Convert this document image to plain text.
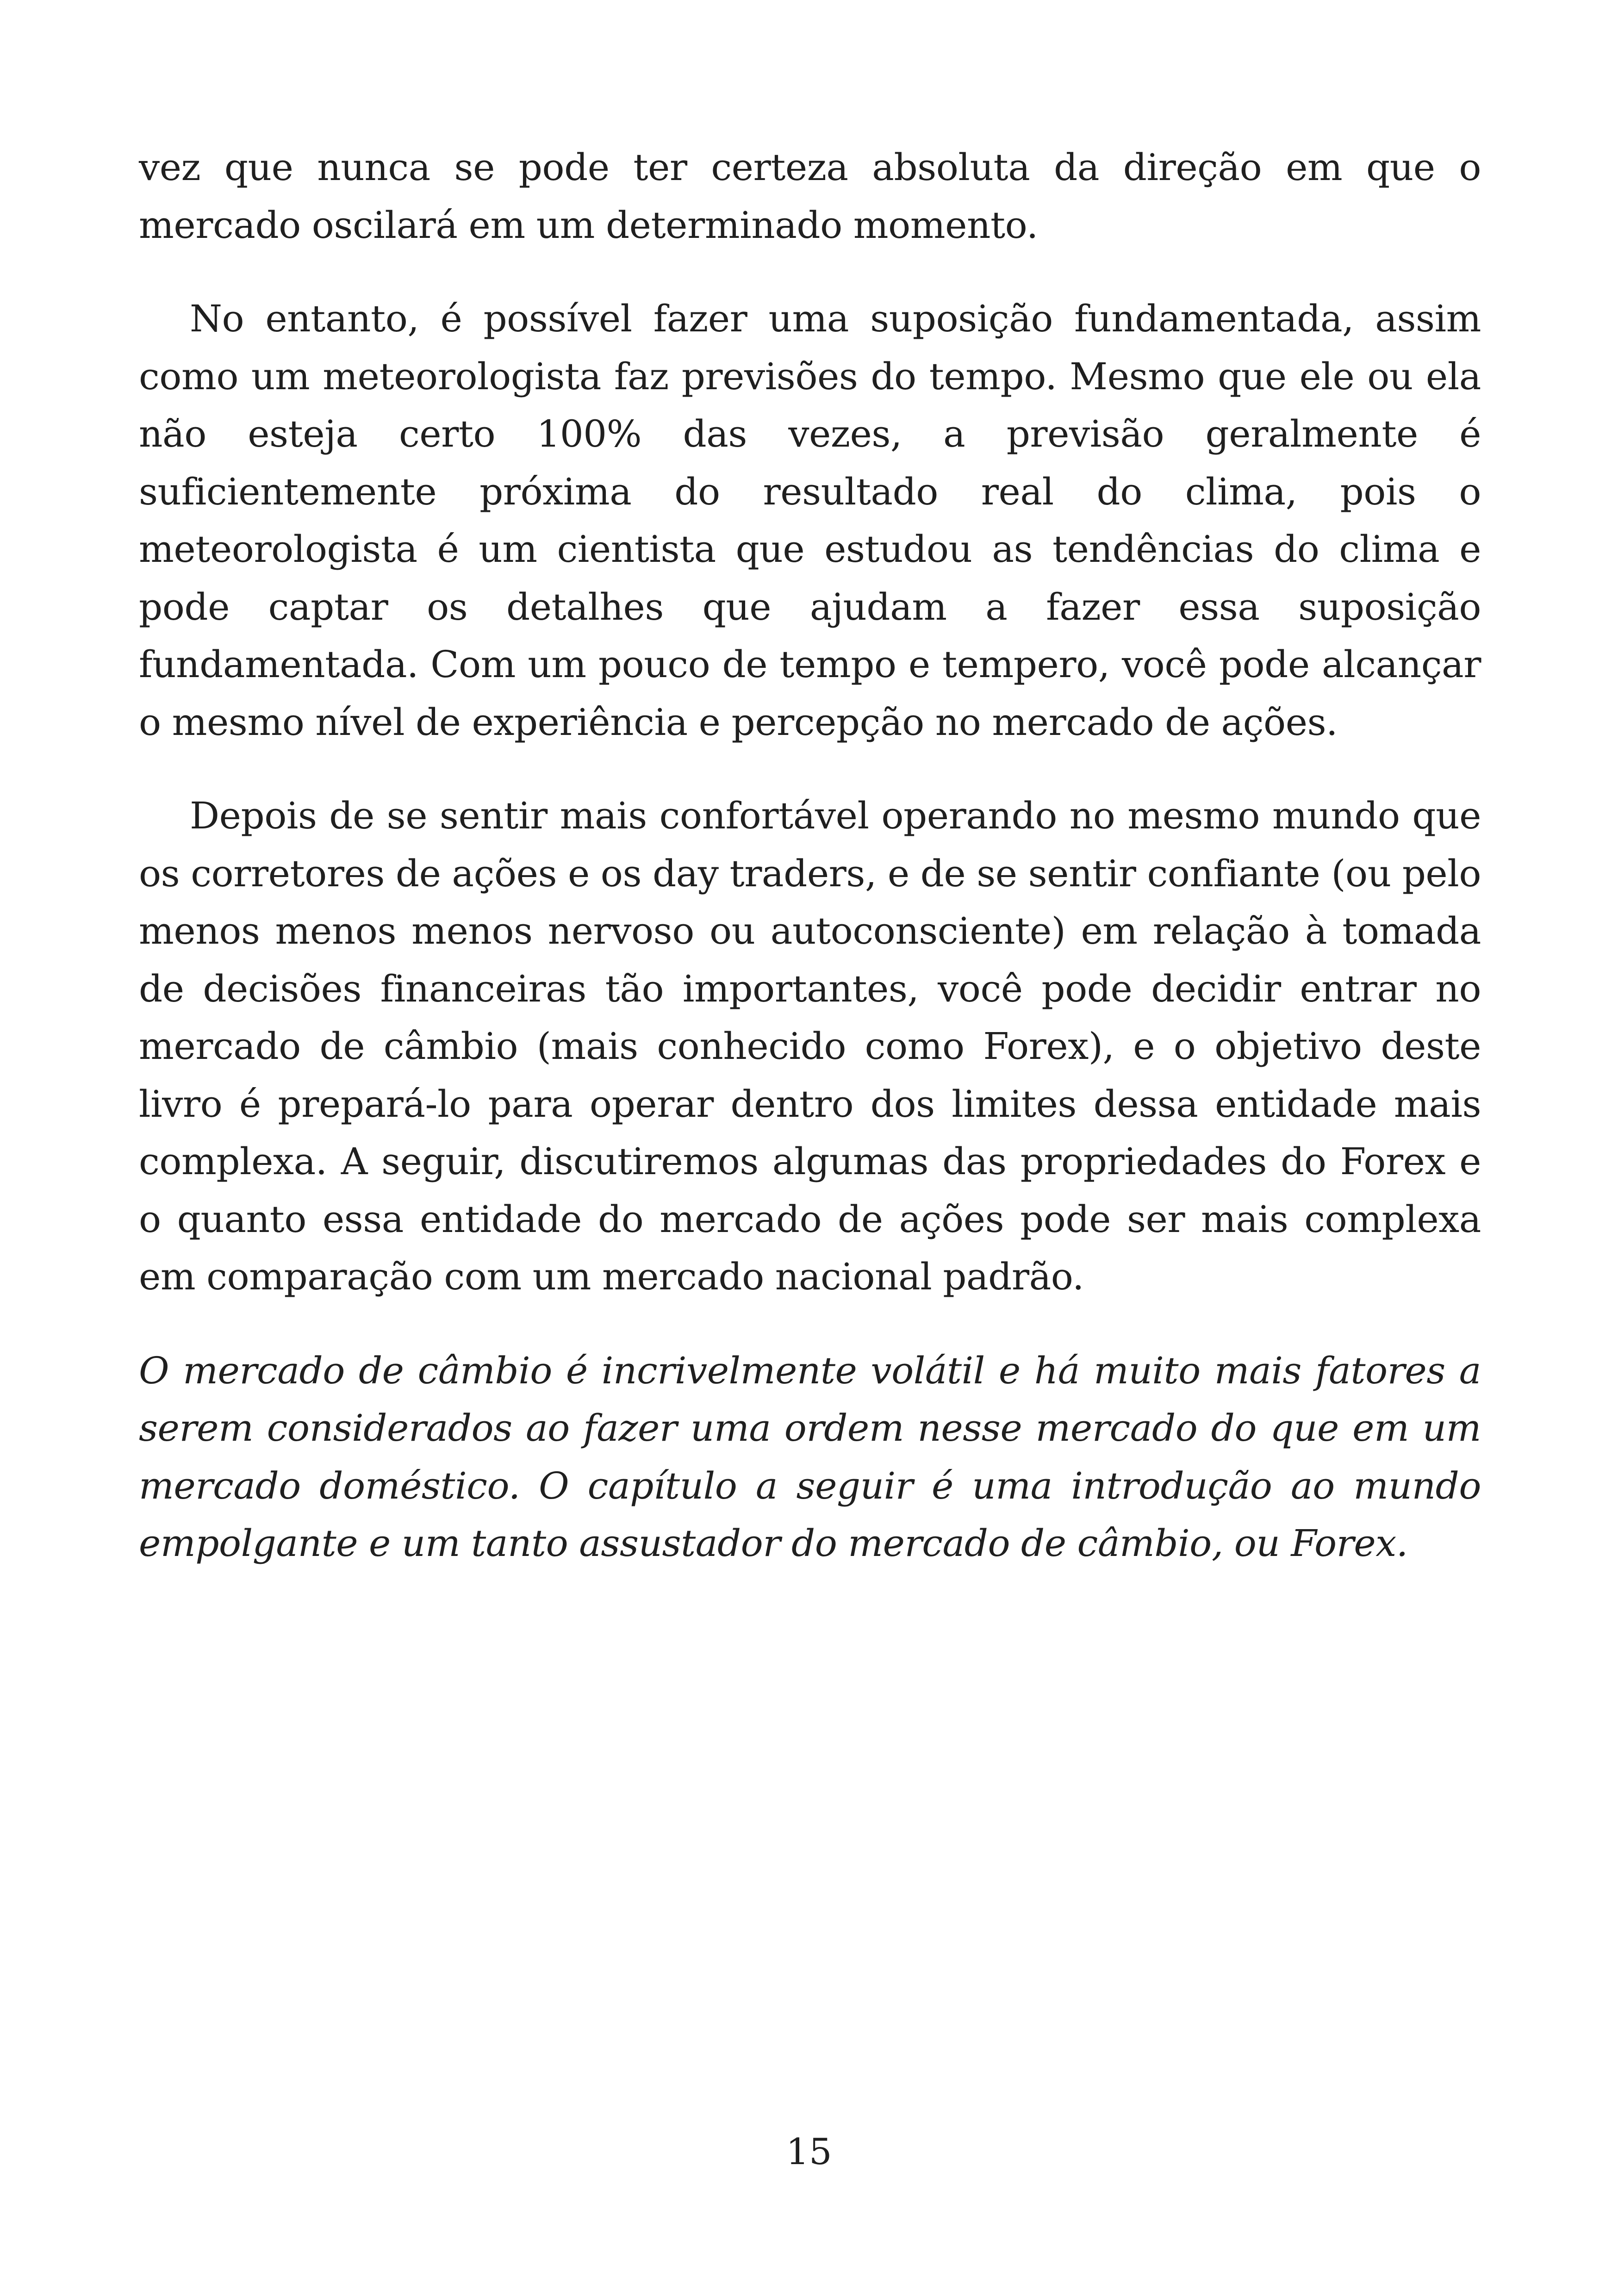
vez que nunca se pode ter certeza absoluta da direção em que o mercado oscilará em um determinado momento.

No entanto, é possível fazer uma suposição fundamentada, assim como um meteorologista faz previsões do tempo. Mesmo que ele ou ela não esteja certo 100% das vezes, a previsão geralmente é suficientemente próxima do resultado real do clima, pois o meteorologista é um cientista que estudou as tendências do clima e pode captar os detalhes que ajudam a fazer essa suposição fundamentada. Com um pouco de tempo e tempero, você pode alcançar o mesmo nível de experiência e percepção no mercado de ações.

Depois de se sentir mais confortável operando no mesmo mundo que os corretores de ações e os day traders, e de se sentir confiante (ou pelo menos menos menos nervoso ou autoconsciente) em relação à tomada de decisões financeiras tão importantes, você pode decidir entrar no mercado de câmbio (mais conhecido como Forex), e o objetivo deste livro é prepará-lo para operar dentro dos limites dessa entidade mais complexa. A seguir, discutiremos algumas das propriedades do Forex e o quanto essa entidade do mercado de ações pode ser mais complexa em comparação com um mercado nacional padrão.

O mercado de câmbio é incrivelmente volátil e há muito mais fatores a serem considerados ao fazer uma ordem nesse mercado do que em um mercado doméstico. O capítulo a seguir é uma introdução ao mundo empolgante e um tanto assustador do mercado de câmbio, ou Forex.

15
